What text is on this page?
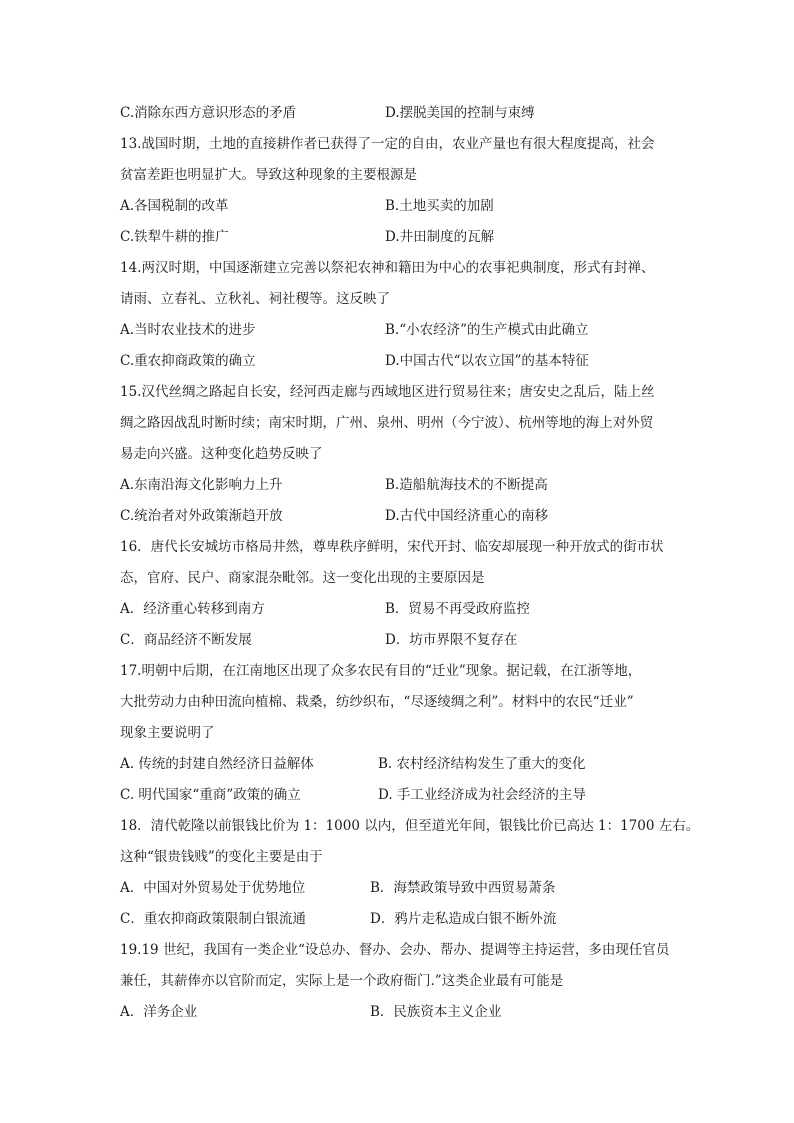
C.消除东西方意识形态的矛盾	D.摆脱美国的控制与束缚
13.战国时期，土地的直接耕作者已获得了一定的自由，农业产量也有很大程度提高，社会
贫富差距也明显扩大。导致这种现象的主要根源是
A.各国税制的改革	B.土地买卖的加剧
C.铁犁牛耕的推广	D.井田制度的瓦解
14.两汉时期，中国逐渐建立完善以祭祀农神和籍田为中心的农事祀典制度，形式有封禅、
请雨、立春礼、立秋礼、祠社稷等。这反映了
A.当时农业技术的进步	B.“小农经济”的生产模式由此确立
C.重农抑商政策的确立	D.中国古代“以农立国”的基本特征
15.汉代丝绸之路起自长安，经河西走廊与西域地区进行贸易往来；唐安史之乱后，陆上丝
绸之路因战乱时断时续；南宋时期，广州、泉州、明州（今宁波）、杭州等地的海上对外贸
易走向兴盛。这种变化趋势反映了
A.东南沿海文化影响力上升	B.造船航海技术的不断提高
C.统治者对外政策渐趋开放	D.古代中国经济重心的南移
16．唐代长安城坊市格局井然，尊卑秩序鲜明，宋代开封、临安却展现一种开放式的街市状
态，官府、民户、商家混杂毗邻。这一变化出现的主要原因是
A．经济重心转移到南方	B．贸易不再受政府监控
C．商品经济不断发展	D．坊市界限不复存在
17.明朝中后期，在江南地区出现了众多农民有目的“迁业”现象。据记载，在江浙等地，
大批劳动力由种田流向植棉、栽桑，纺纱织布，“尽逐绫绸之利”。材料中的农民“迁业”
现象主要说明了
A. 传统的封建自然经济日益解体	B. 农村经济结构发生了重大的变化
C. 明代国家“重商”政策的确立	D. 手工业经济成为社会经济的主导
18．清代乾隆以前银钱比价为 1：1000 以内，但至道光年间，银钱比价已高达 1：1700 左右。
这种“银贵钱贱”的变化主要是由于
A．中国对外贸易处于优势地位	B．海禁政策导致中西贸易萧条
C．重农抑商政策限制白银流通	D．鸦片走私造成白银不断外流
19.19 世纪，我国有一类企业“设总办、督办、会办、帮办、提调等主持运营，多由现任官员
兼任，其薪俸亦以官阶而定，实际上是一个政府衙门.”这类企业最有可能是
A．洋务企业	B．民族资本主义企业
